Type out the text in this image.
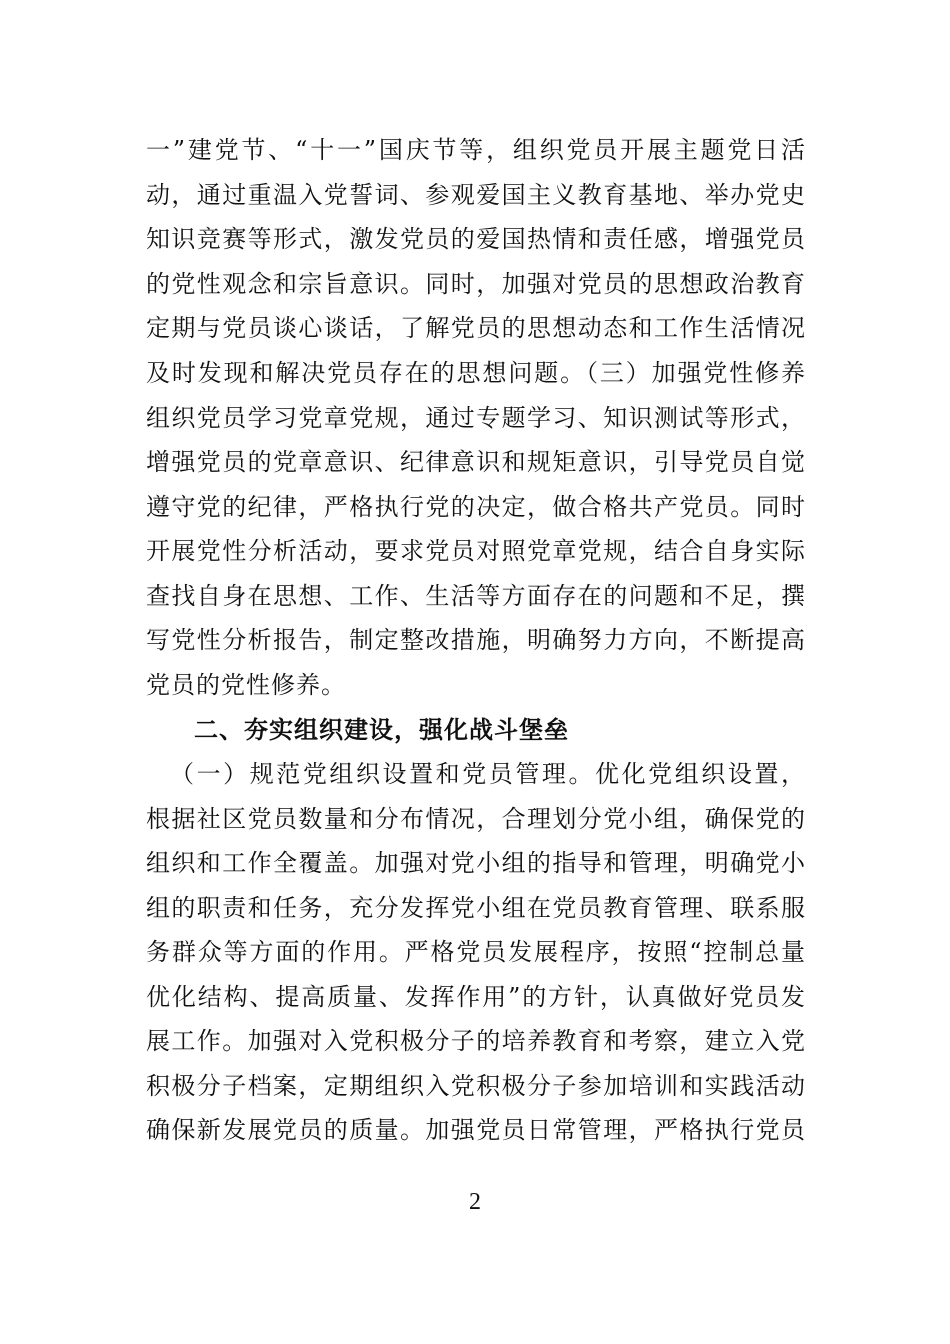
一”建党节、“十一”国庆节等，组织党员开展主题党日活
动，通过重温入党誓词、参观爱国主义教育基地、举办党史
知识竞赛等形式，激发党员的爱国热情和责任感，增强党员
的党性观念和宗旨意识。同时，加强对党员的思想政治教育
定期与党员谈心谈话，了解党员的思想动态和工作生活情况
及时发现和解决党员存在的思想问题。（三）加强党性修养
组织党员学习党章党规，通过专题学习、知识测试等形式，
增强党员的党章意识、纪律意识和规矩意识，引导党员自觉
遵守党的纪律，严格执行党的决定，做合格共产党员。同时
开展党性分析活动，要求党员对照党章党规，结合自身实际
查找自身在思想、工作、生活等方面存在的问题和不足，撰
写党性分析报告，制定整改措施，明确努力方向，不断提高
党员的党性修养。
二、夯实组织建设，强化战斗堡垒
（一）规范党组织设置和党员管理。优化党组织设置，
根据社区党员数量和分布情况，合理划分党小组，确保党的
组织和工作全覆盖。加强对党小组的指导和管理，明确党小
组的职责和任务，充分发挥党小组在党员教育管理、联系服
务群众等方面的作用。严格党员发展程序，按照“控制总量
优化结构、提高质量、发挥作用”的方针，认真做好党员发
展工作。加强对入党积极分子的培养教育和考察，建立入党
积极分子档案，定期组织入党积极分子参加培训和实践活动
确保新发展党员的质量。加强党员日常管理，严格执行党员
2
